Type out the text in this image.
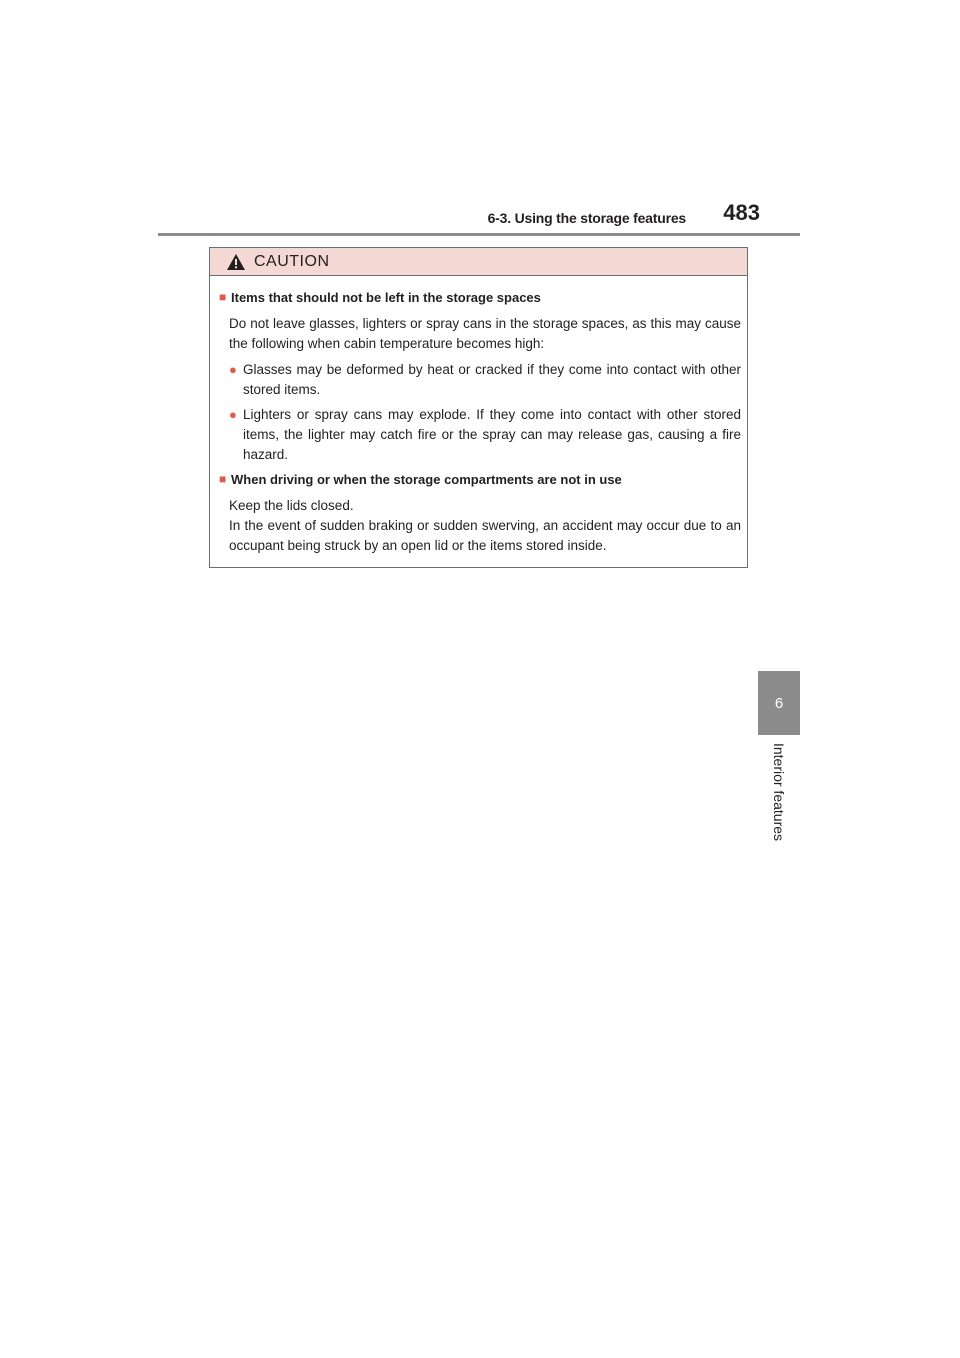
6-3. Using the storage features	483
6
Interior features
CAUTION
■ Items that should not be left in the storage spaces
Do not leave glasses, lighters or spray cans in the storage spaces, as this may cause the following when cabin temperature becomes high:
● Glasses may be deformed by heat or cracked if they come into contact with other stored items.
● Lighters or spray cans may explode. If they come into contact with other stored items, the lighter may catch fire or the spray can may release gas, causing a fire hazard.
■ When driving or when the storage compartments are not in use
Keep the lids closed.
In the event of sudden braking or sudden swerving, an accident may occur due to an occupant being struck by an open lid or the items stored inside.
